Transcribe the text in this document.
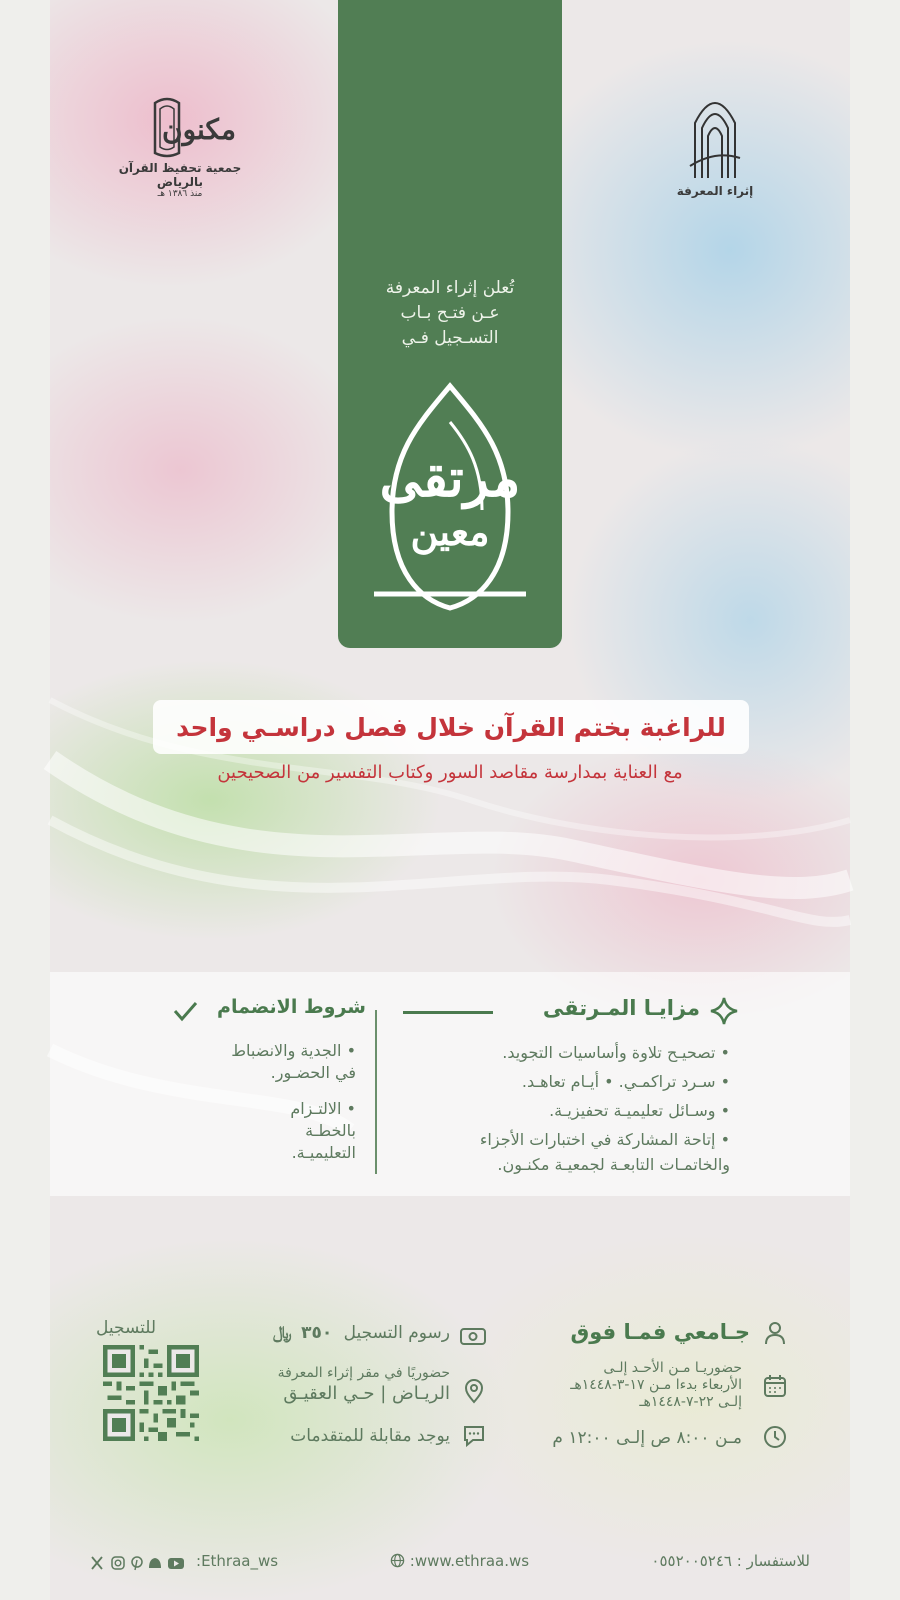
مكنون
جمعية تحفيظ القرآن بالرياض
منذ ١٣٨٦ هـ	إثراء المعرفة
تُعلن إثراء المعرفة
عـن فتـح بـاب
التسـجيل فـي
مرتقى
معين
للراغبة بختم القرآن خلال فصل دراسـي واحد
مع العناية بمدارسة مقاصد السور وكتاب التفسير من الصحيحين
مزايـا المـرتقى
• تصحيـح تلاوة وأساسيات التجويد.
• سـرد تراكمـي. • أيـام تعاهـد.
• وسـائل تعليميـة تحفيزيـة.
• إتاحة المشاركة في اختبارات الأجزاء
والخاتمـات التابعـة لجمعيـة مكنـون.
شروط الانضمام
• الجدية والانضباط
في الحضـور.
• الالتـزام
بالخطـة
التعليميـة.
جـامعي فمـا فوق
حضوريـا مـن الأحـد إلـى
الأربعاء بدءا مـن ١٧-٣-١٤٤٨هـ
إلـى ٢٢-٧-١٤٤٨هـ
مـن ٨:٠٠ ص إلـى ١٢:٠٠ م
رسوم التسجيل ٣٥٠ ﷼
حضوريًا في مقر إثراء المعرفة
الريـاض | حـي العقيـق
يوجد مقابلة للمتقدمات
للتسجيل
للاستفسار : ٠٥٥٢٠٠٥٢٤٦
:www.ethraa.ws
:Ethraa_ws
